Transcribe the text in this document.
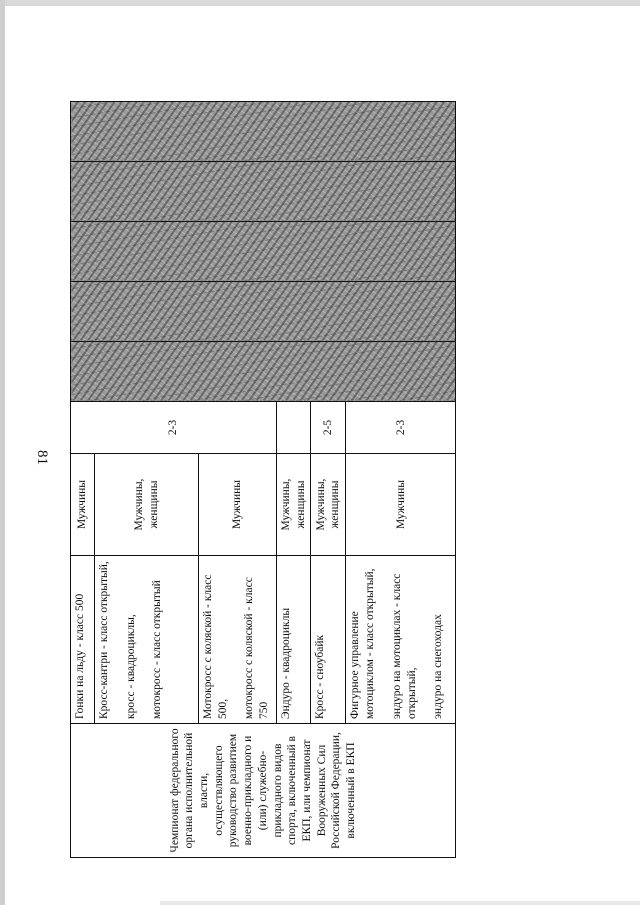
81
Чемпионат федерального органа исполнительной власти, осуществляющего руководство развитием военно-прикладного и (или) служебно-прикладного видов спорта, включенный в ЕКП, или чемпионат Вооруженных Сил Российской Федерации, включенный в ЕКП	Гонки на льду - класс 500	Мужчины	2-3					

	Кросс-кантри - класс открытый, кросс - квадроциклы, мотокросс - класс открытый	Мужчины, женщины						

	Мотокросс с коляской - класс 500, мотокросс с коляской - класс 750	Мужчины						

	Эндуро - квадроциклы	Мужчины, женщины						

	Кросс - сноубайк	Мужчины, женщины	2-5					

	Фигурное управление мотоциклом - класс открытый, эндуро на мотоциклах - класс открытый, эндуро на снегоходах	Мужчины	2-3					
